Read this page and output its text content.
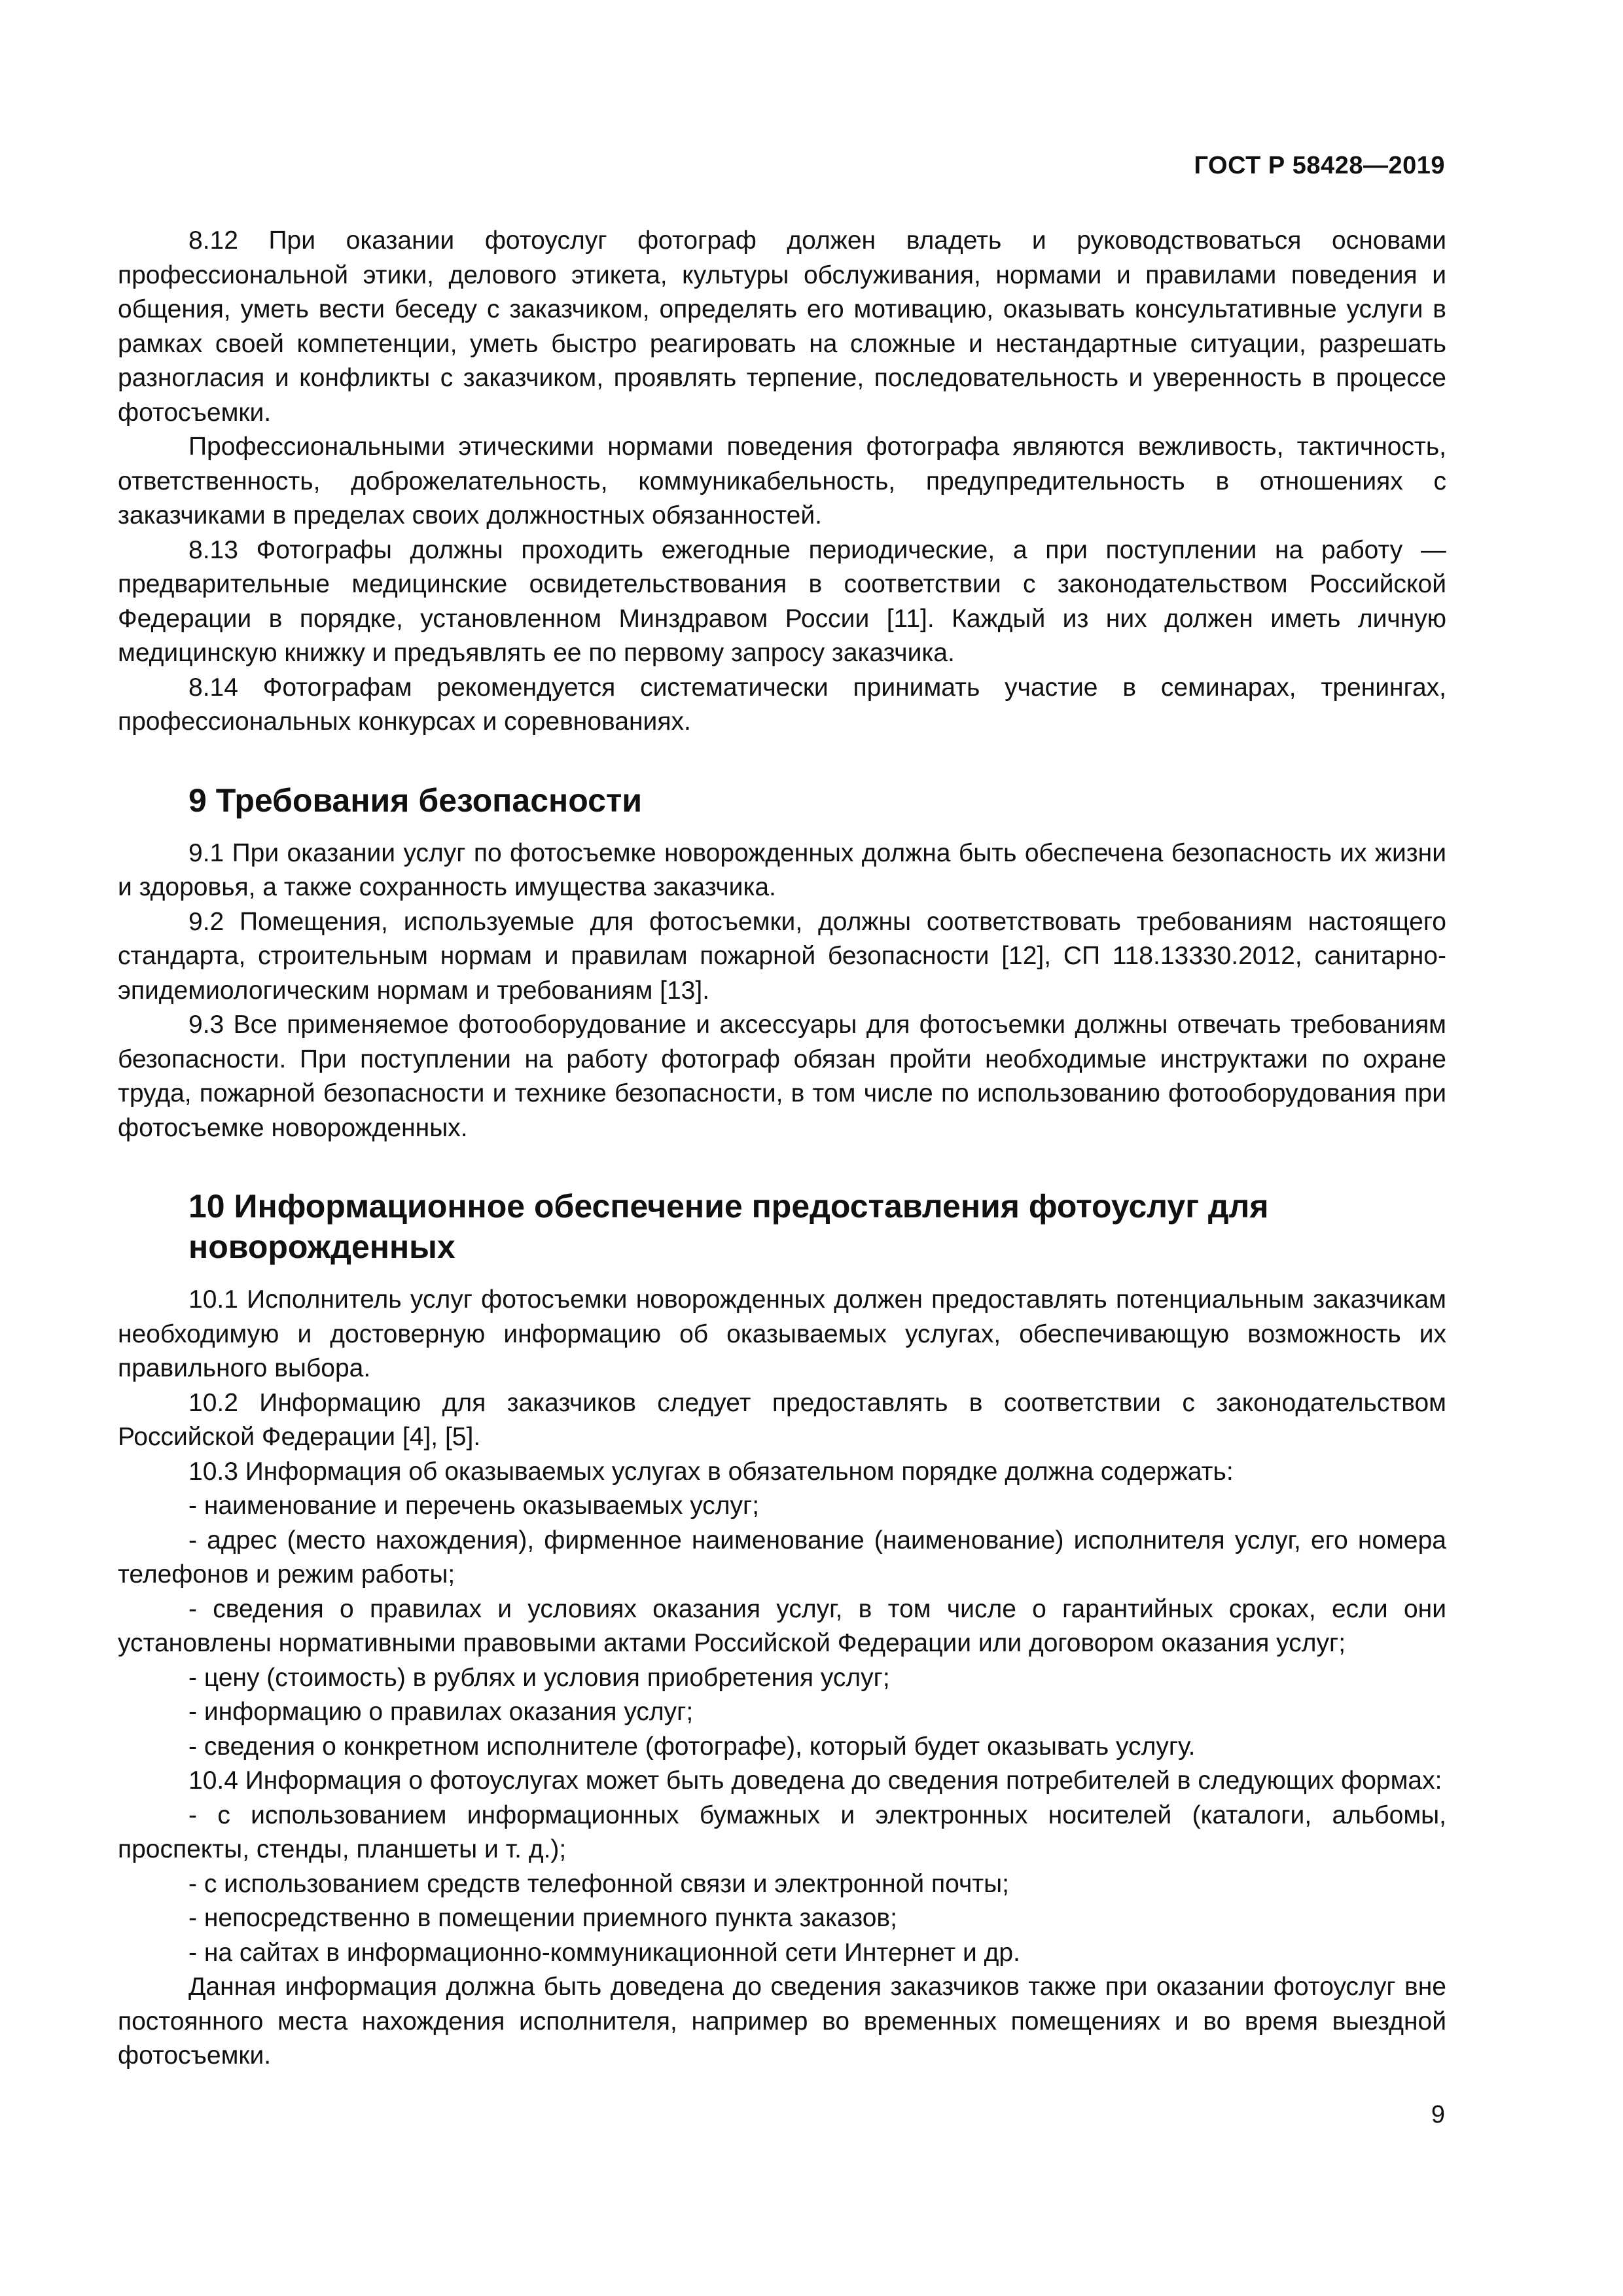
ГОСТ Р 58428—2019

8.12 При оказании фотоуслуг фотограф должен владеть и руководствоваться основами профессиональной этики, делового этикета, культуры обслуживания, нормами и правилами поведения и общения, уметь вести беседу с заказчиком, определять его мотивацию, оказывать консультативные услуги в рамках своей компетенции, уметь быстро реагировать на сложные и нестандартные ситуации, разрешать разногласия и конфликты с заказчиком, проявлять терпение, последовательность и уверенность в процессе фотосъемки.

Профессиональными этическими нормами поведения фотографа являются вежливость, тактичность, ответственность, доброжелательность, коммуникабельность, предупредительность в отношениях с заказчиками в пределах своих должностных обязанностей.

8.13 Фотографы должны проходить ежегодные периодические, а при поступлении на работу — предварительные медицинские освидетельствования в соответствии с законодательством Российской Федерации в порядке, установленном Минздравом России [11]. Каждый из них должен иметь личную медицинскую книжку и предъявлять ее по первому запросу заказчика.

8.14 Фотографам рекомендуется систематически принимать участие в семинарах, тренингах, профессиональных конкурсах и соревнованиях.

9 Требования безопасности

9.1 При оказании услуг по фотосъемке новорожденных должна быть обеспечена безопасность их жизни и здоровья, а также сохранность имущества заказчика.

9.2 Помещения, используемые для фотосъемки, должны соответствовать требованиям настоящего стандарта, строительным нормам и правилам пожарной безопасности [12], СП 118.13330.2012, санитарно-эпидемиологическим нормам и требованиям [13].

9.3 Все применяемое фотооборудование и аксессуары для фотосъемки должны отвечать требованиям безопасности. При поступлении на работу фотограф обязан пройти необходимые инструктажи по охране труда, пожарной безопасности и технике безопасности, в том числе по использованию фотооборудования при фотосъемке новорожденных.

10 Информационное обеспечение предоставления фотоуслуг для новорожденных

10.1 Исполнитель услуг фотосъемки новорожденных должен предоставлять потенциальным заказчикам необходимую и достоверную информацию об оказываемых услугах, обеспечивающую возможность их правильного выбора.

10.2 Информацию для заказчиков следует предоставлять в соответствии с законодательством Российской Федерации [4], [5].

10.3 Информация об оказываемых услугах в обязательном порядке должна содержать:

- наименование и перечень оказываемых услуг;

- адрес (место нахождения), фирменное наименование (наименование) исполнителя услуг, его номера телефонов и режим работы;

- сведения о правилах и условиях оказания услуг, в том числе о гарантийных сроках, если они установлены нормативными правовыми актами Российской Федерации или договором оказания услуг;

- цену (стоимость) в рублях и условия приобретения услуг;

- информацию о правилах оказания услуг;

- сведения о конкретном исполнителе (фотографе), который будет оказывать услугу.

10.4 Информация о фотоуслугах может быть доведена до сведения потребителей в следующих формах:

- с использованием информационных бумажных и электронных носителей (каталоги, альбомы, проспекты, стенды, планшеты и т. д.);

- с использованием средств телефонной связи и электронной почты;

- непосредственно в помещении приемного пункта заказов;

- на сайтах в информационно-коммуникационной сети Интернет и др.

Данная информация должна быть доведена до сведения заказчиков также при оказании фотоуслуг вне постоянного места нахождения исполнителя, например во временных помещениях и во время выездной фотосъемки.

9
